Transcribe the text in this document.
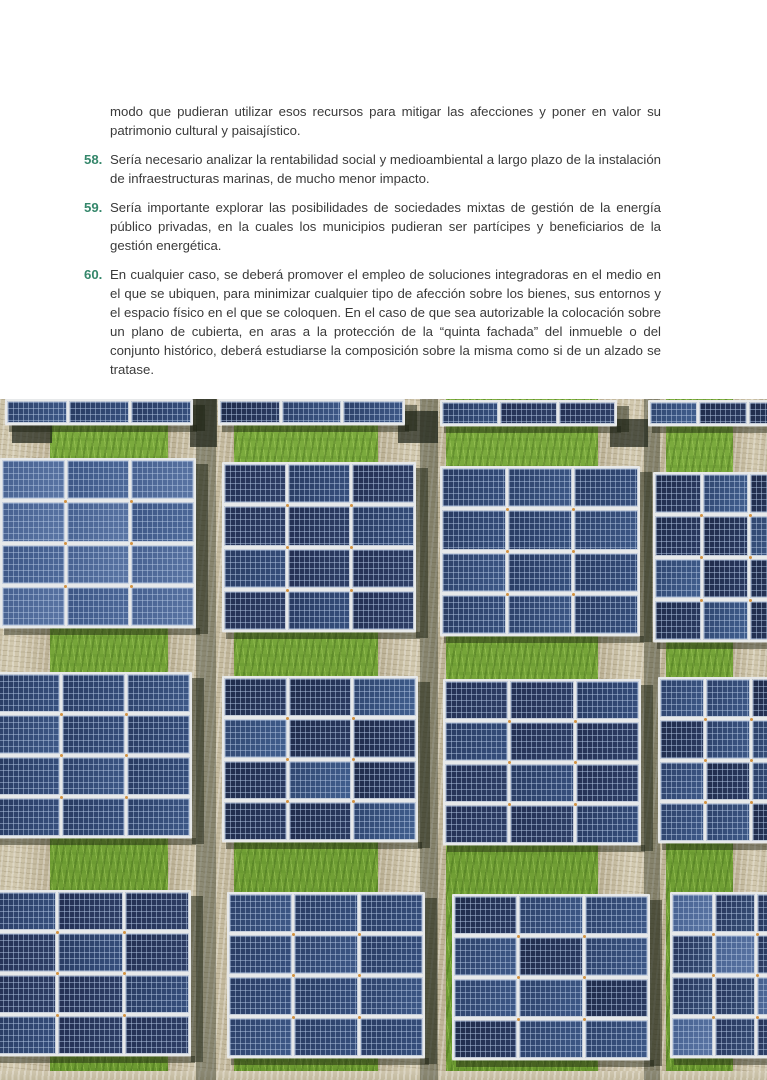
modo que pudieran utilizar esos recursos para mitigar las afecciones y poner en valor su patrimonio cultural y paisajístico.
58. Sería necesario analizar la rentabilidad social y medioambiental a largo plazo de la instalación de infraestructuras marinas, de mucho menor impacto.
59. Sería importante explorar las posibilidades de sociedades mixtas de gestión de la energía público privadas, en la cuales los municipios pudieran ser partícipes y beneficiarios de la gestión energética.
60. En cualquier caso, se deberá promover el empleo de soluciones integradoras en el medio en el que se ubiquen, para minimizar cualquier tipo de afección sobre los bienes, sus entornos y el espacio físico en el que se coloquen. En el caso de que sea autorizable la colocación sobre un plano de cubierta, en aras a la protección de la “quinta fachada” del inmueble o del conjunto histórico, deberá estudiarse la composición sobre la misma como si de un alzado se tratase.
